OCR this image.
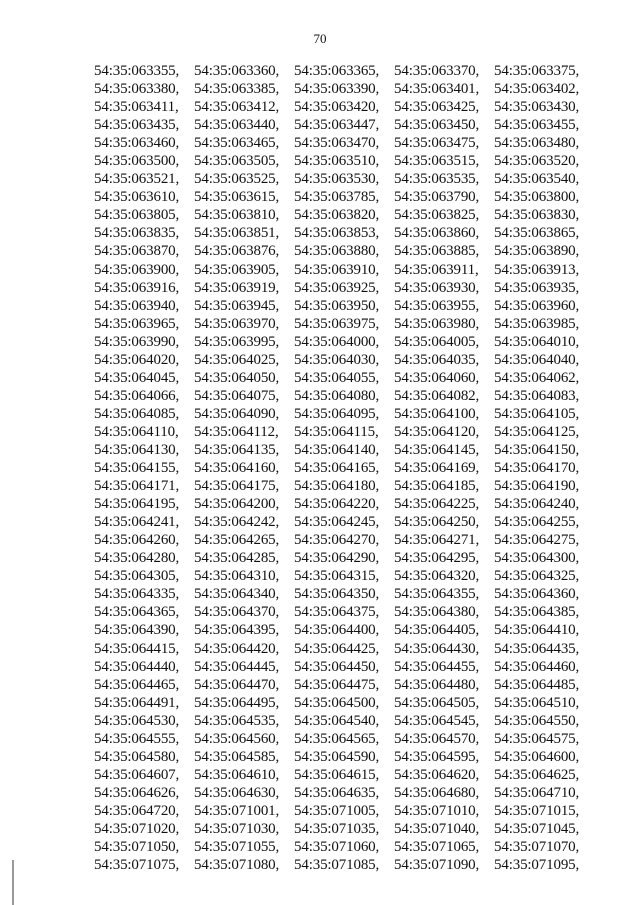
70
54:35:063355, 54:35:063360, 54:35:063365, 54:35:063370, 54:35:063375,
54:35:063380, 54:35:063385, 54:35:063390, 54:35:063401, 54:35:063402,
54:35:063411,	54:35:063412, 54:35:063420, 54:35:063425, 54:35:063430,
54:35:063435, 54:35:063440, 54:35:063447, 54:35:063450, 54:35:063455,
54:35:063460, 54:35:063465, 54:35:063470, 54:35:063475, 54:35:063480,
54:35:063500, 54:35:063505, 54:35:063510, 54:35:063515, 54:35:063520,
54:35:063521, 54:35:063525, 54:35:063530, 54:35:063535, 54:35:063540,
54:35:063610, 54:35:063615, 54:35:063785, 54:35:063790, 54:35:063800,
54:35:063805, 54:35:063810, 54:35:063820, 54:35:063825, 54:35:063830,
54:35:063835, 54:35:063851, 54:35:063853, 54:35:063860, 54:35:063865,
54:35:063870, 54:35:063876, 54:35:063880, 54:35:063885, 54:35:063890,
54:35:063900, 54:35:063905, 54:35:063910, 54:35:063911,	54:35:063913,
54:35:063916, 54:35:063919, 54:35:063925, 54:35:063930, 54:35:063935,
54:35:063940, 54:35:063945, 54:35:063950, 54:35:063955, 54:35:063960,
54:35:063965, 54:35:063970, 54:35:063975, 54:35:063980, 54:35:063985,
54:35:063990, 54:35:063995, 54:35:064000, 54:35:064005, 54:35:064010,
54:35:064020, 54:35:064025, 54:35:064030, 54:35:064035, 54:35:064040,
54:35:064045, 54:35:064050, 54:35:064055, 54:35:064060, 54:35:064062,
54:35:064066, 54:35:064075, 54:35:064080, 54:35:064082, 54:35:064083,
54:35:064085, 54:35:064090, 54:35:064095, 54:35:064100, 54:35:064105,
54:35:064110,	54:35:064112,	54:35:064115,	54:35:064120, 54:35:064125,
54:35:064130, 54:35:064135, 54:35:064140, 54:35:064145, 54:35:064150,
54:35:064155, 54:35:064160, 54:35:064165, 54:35:064169, 54:35:064170,
54:35:064171, 54:35:064175, 54:35:064180, 54:35:064185, 54:35:064190,
54:35:064195, 54:35:064200, 54:35:064220, 54:35:064225, 54:35:064240,
54:35:064241, 54:35:064242, 54:35:064245, 54:35:064250, 54:35:064255,
54:35:064260, 54:35:064265, 54:35:064270, 54:35:064271, 54:35:064275,
54:35:064280, 54:35:064285, 54:35:064290, 54:35:064295, 54:35:064300,
54:35:064305, 54:35:064310, 54:35:064315, 54:35:064320, 54:35:064325,
54:35:064335, 54:35:064340, 54:35:064350, 54:35:064355, 54:35:064360,
54:35:064365, 54:35:064370, 54:35:064375, 54:35:064380, 54:35:064385,
54:35:064390, 54:35:064395, 54:35:064400, 54:35:064405, 54:35:064410,
54:35:064415, 54:35:064420, 54:35:064425, 54:35:064430, 54:35:064435,
54:35:064440, 54:35:064445, 54:35:064450, 54:35:064455, 54:35:064460,
54:35:064465, 54:35:064470, 54:35:064475, 54:35:064480, 54:35:064485,
54:35:064491, 54:35:064495, 54:35:064500, 54:35:064505, 54:35:064510,
54:35:064530, 54:35:064535, 54:35:064540, 54:35:064545, 54:35:064550,
54:35:064555, 54:35:064560, 54:35:064565, 54:35:064570, 54:35:064575,
54:35:064580, 54:35:064585, 54:35:064590, 54:35:064595, 54:35:064600,
54:35:064607, 54:35:064610, 54:35:064615, 54:35:064620, 54:35:064625,
54:35:064626, 54:35:064630, 54:35:064635, 54:35:064680, 54:35:064710,
54:35:064720, 54:35:071001, 54:35:071005, 54:35:071010, 54:35:071015,
54:35:071020, 54:35:071030, 54:35:071035, 54:35:071040, 54:35:071045,
54:35:071050, 54:35:071055, 54:35:071060, 54:35:071065, 54:35:071070,
54:35:071075, 54:35:071080, 54:35:071085, 54:35:071090, 54:35:071095,
